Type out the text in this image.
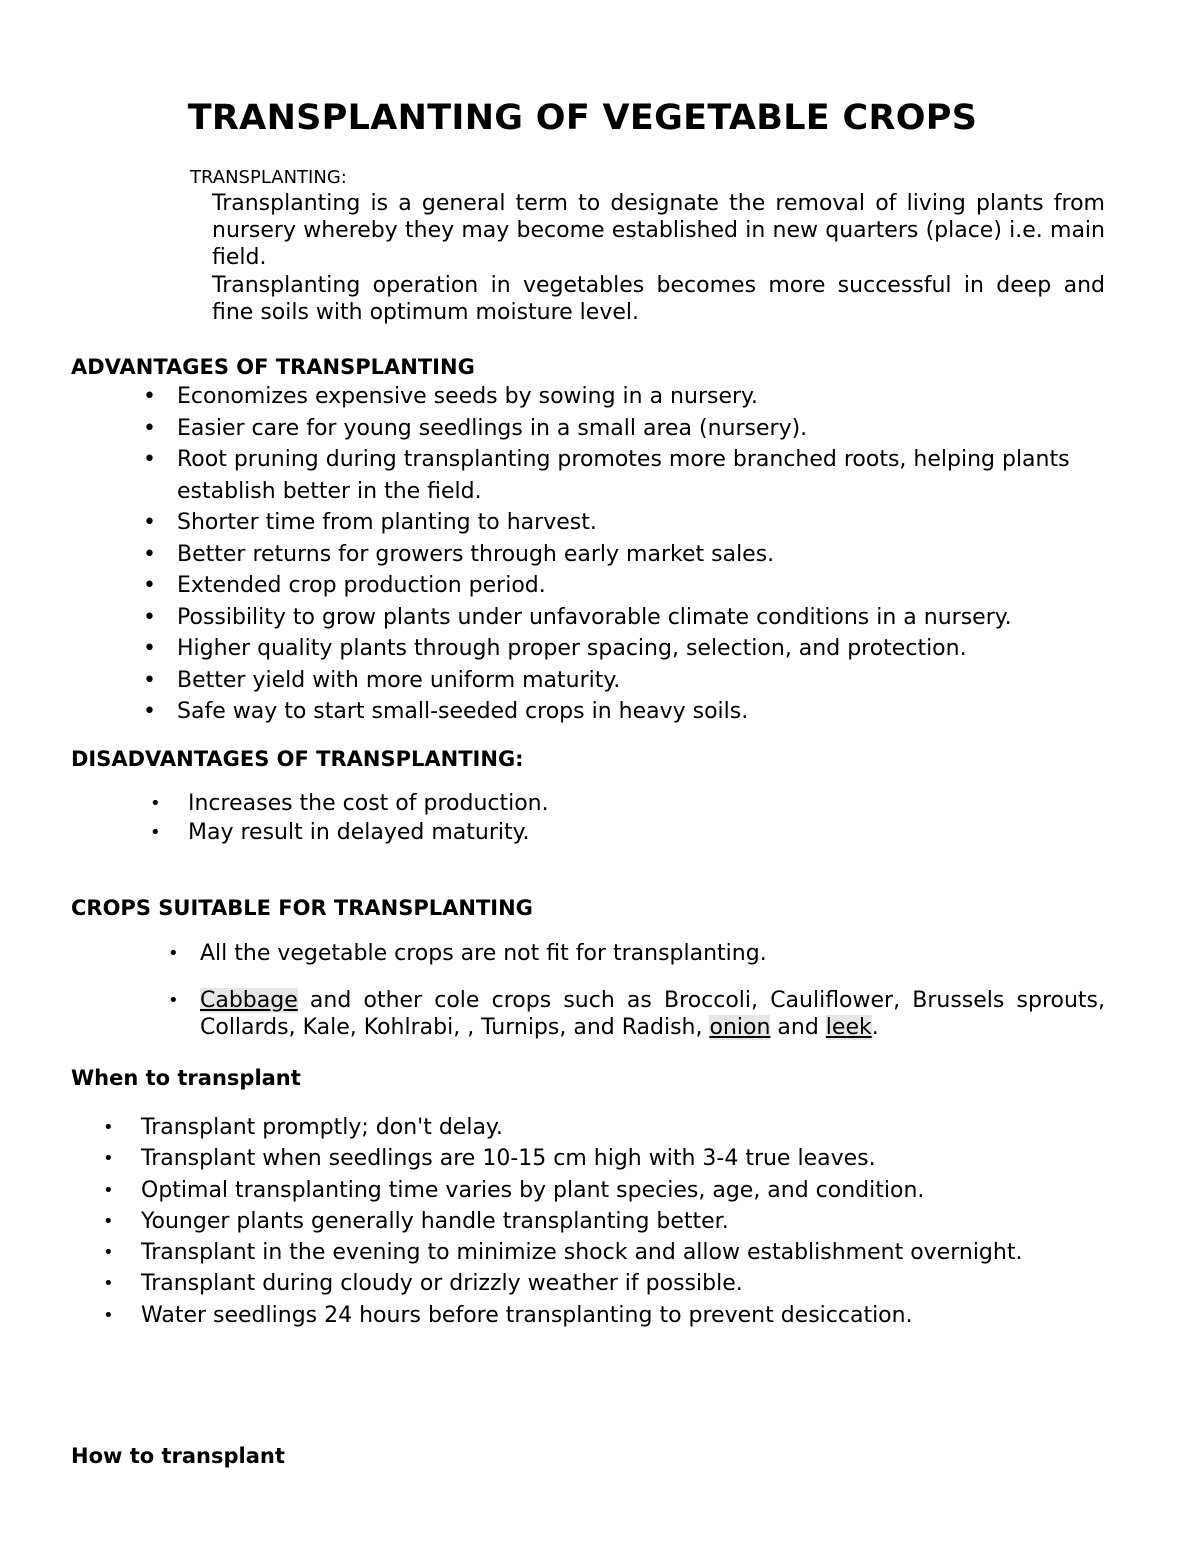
TRANSPLANTING OF VEGETABLE CROPS
TRANSPLANTING:
Transplanting is a general term to designate the removal of living plants from nursery whereby they may become established in new quarters (place) i.e. main field.
Transplanting operation in vegetables becomes more successful in deep and fine soils with optimum moisture level.
ADVANTAGES OF TRANSPLANTING
• Economizes expensive seeds by sowing in a nursery.
• Easier care for young seedlings in a small area (nursery).
• Root pruning during transplanting promotes more branched roots, helping plants establish better in the field.
• Shorter time from planting to harvest.
• Better returns for growers through early market sales.
• Extended crop production period.
• Possibility to grow plants under unfavorable climate conditions in a nursery.
• Higher quality plants through proper spacing, selection, and protection.
• Better yield with more uniform maturity.
• Safe way to start small-seeded crops in heavy soils.
DISADVANTAGES OF TRANSPLANTING:
• Increases the cost of production.
• May result in delayed maturity.
CROPS SUITABLE FOR TRANSPLANTING
• All the vegetable crops are not fit for transplanting.
• Cabbage and other cole crops such as Broccoli, Cauliflower, Brussels sprouts, Collards, Kale, Kohlrabi, , Turnips, and Radish, onion and leek.
When to transplant
• Transplant promptly; don't delay.
• Transplant when seedlings are 10-15 cm high with 3-4 true leaves.
• Optimal transplanting time varies by plant species, age, and condition.
• Younger plants generally handle transplanting better.
• Transplant in the evening to minimize shock and allow establishment overnight.
• Transplant during cloudy or drizzly weather if possible.
• Water seedlings 24 hours before transplanting to prevent desiccation.
How to transplant
